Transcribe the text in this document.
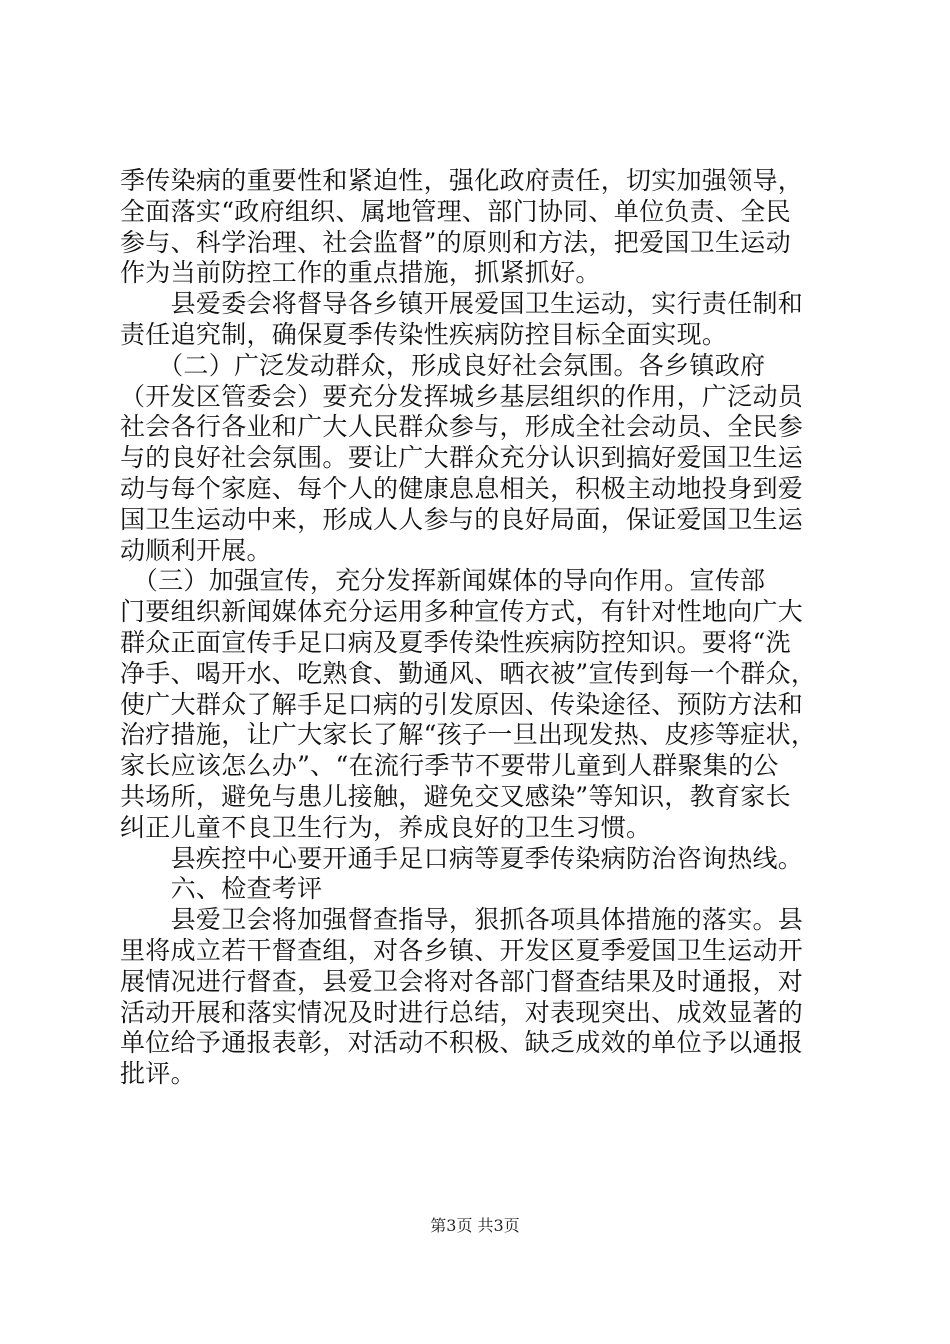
季传染病的重要性和紧迫性，强化政府责任，切实加强领导，
全面落实“政府组织、属地管理、部门协同、单位负责、全民
参与、科学治理、社会监督”的原则和方法，把爱国卫生运动
作为当前防控工作的重点措施，抓紧抓好。
　　县爱委会将督导各乡镇开展爱国卫生运动，实行责任制和
责任追究制，确保夏季传染性疾病防控目标全面实现。
　　（二）广泛发动群众，形成良好社会氛围。各乡镇政府
（开发区管委会）要充分发挥城乡基层组织的作用，广泛动员
社会各行各业和广大人民群众参与，形成全社会动员、全民参
与的良好社会氛围。要让广大群众充分认识到搞好爱国卫生运
动与每个家庭、每个人的健康息息相关，积极主动地投身到爱
国卫生运动中来，形成人人参与的良好局面，保证爱国卫生运
动顺利开展。
　（三）加强宣传，充分发挥新闻媒体的导向作用。宣传部
门要组织新闻媒体充分运用多种宣传方式，有针对性地向广大
群众正面宣传手足口病及夏季传染性疾病防控知识。要将“洗
净手、喝开水、吃熟食、勤通风、晒衣被”宣传到每一个群众，
使广大群众了解手足口病的引发原因、传染途径、预防方法和
治疗措施，让广大家长了解“孩子一旦出现发热、皮疹等症状，
家长应该怎么办”、“在流行季节不要带儿童到人群聚集的公
共场所，避免与患儿接触，避免交叉感染”等知识，教育家长
纠正儿童不良卫生行为，养成良好的卫生习惯。
　　县疾控中心要开通手足口病等夏季传染病防治咨询热线。
　　六、检查考评
　　县爱卫会将加强督查指导，狠抓各项具体措施的落实。县
里将成立若干督查组，对各乡镇、开发区夏季爱国卫生运动开
展情况进行督查，县爱卫会将对各部门督查结果及时通报，对
活动开展和落实情况及时进行总结，对表现突出、成效显著的
单位给予通报表彰，对活动不积极、缺乏成效的单位予以通报
批评。
第3页 共3页
